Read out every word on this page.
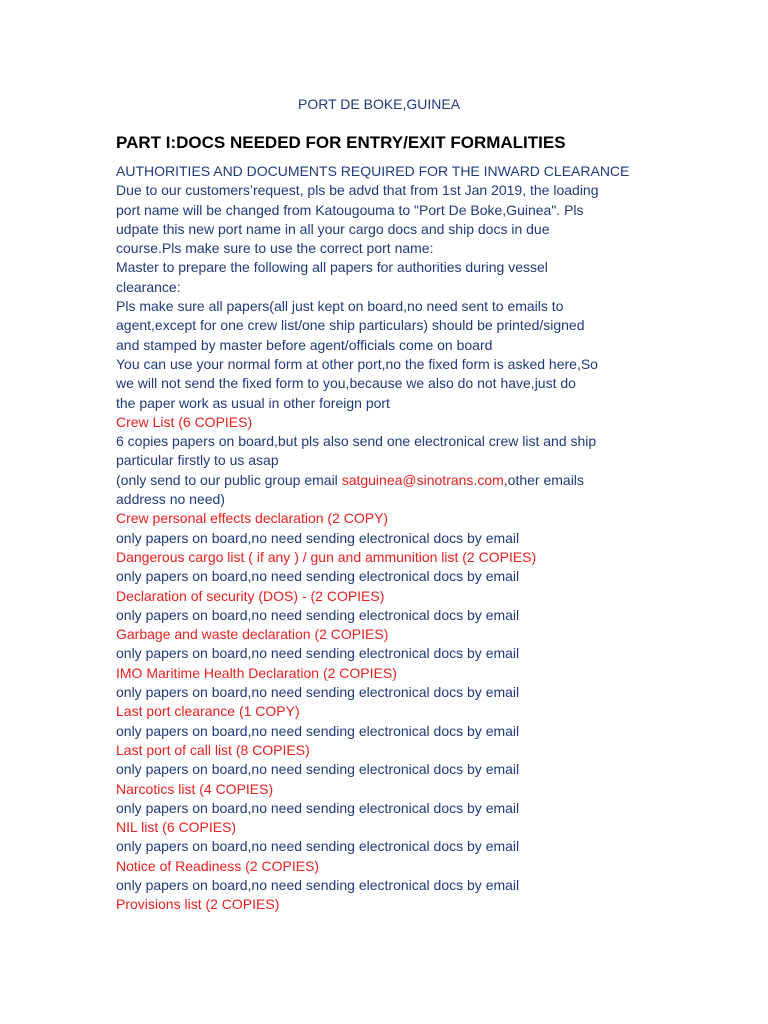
PORT DE BOKE,GUINEA
PART I:DOCS NEEDED FOR ENTRY/EXIT FORMALITIES
AUTHORITIES AND DOCUMENTS REQUIRED FOR THE INWARD CLEARANCE
Due to our customers’request, pls be advd that from 1st Jan 2019, the loading
port name will be changed from Katougouma to "Port De Boke,Guinea". Pls
udpate this new port name in all your cargo docs and ship docs in due
course.Pls make sure to use the correct port name:
Master to prepare the following all papers for authorities during vessel
clearance:
Pls make sure all papers(all just kept on board,no need sent to emails to
agent,except for one crew list/one ship particulars) should be printed/signed
and stamped by master before agent/officials come on board
You can use your normal form at other port,no the fixed form is asked here,So
we will not send the fixed form to you,because we also do not have,just do
the paper work as usual in other foreign port
Crew List (6 COPIES)
6 copies papers on board,but pls also send one electronical crew list and ship
particular firstly to us asap
(only send to our public group email satguinea@sinotrans.com,other emails
address no need)
Crew personal effects declaration (2 COPY)
only papers on board,no need sending electronical docs by email
Dangerous cargo list ( if any ) / gun and ammunition list (2 COPIES)
only papers on board,no need sending electronical docs by email
Declaration of security (DOS) - (2 COPIES)
only papers on board,no need sending electronical docs by email
Garbage and waste declaration (2 COPIES)
only papers on board,no need sending electronical docs by email
IMO Maritime Health Declaration (2 COPIES)
only papers on board,no need sending electronical docs by email
Last port clearance (1 COPY)
only papers on board,no need sending electronical docs by email
Last port of call list (8 COPIES)
only papers on board,no need sending electronical docs by email
Narcotics list (4 COPIES)
only papers on board,no need sending electronical docs by email
NIL list (6 COPIES)
only papers on board,no need sending electronical docs by email
Notice of Readiness (2 COPIES)
only papers on board,no need sending electronical docs by email
Provisions list (2 COPIES)
